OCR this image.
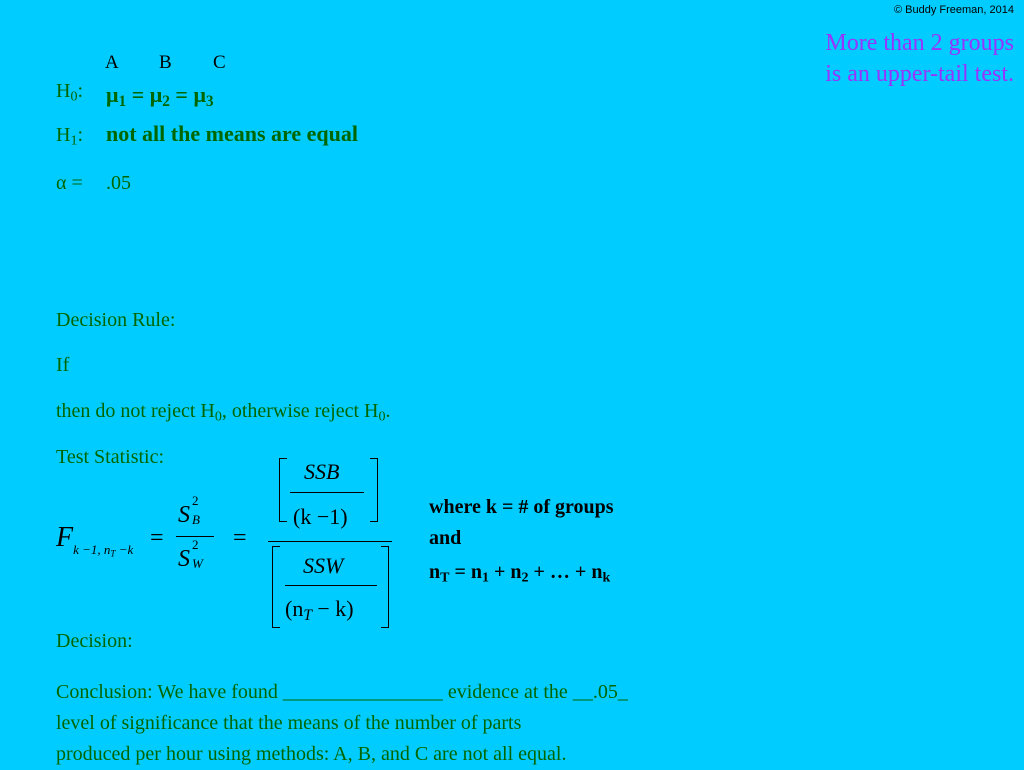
© Buddy Freeman, 2014
More than 2 groups
is an upper-tail test.
A B C
$H_0$: $\mu_1 = \mu_2 = \mu_3$
$H_1$: not all the means are equal
α = .05
Decision Rule:
If
then do not reject $H_0$, otherwise reject $H_0$.
Test Statistic:
$F_{k -1, n_T -k}$ =
S
2
B
S
2
W
=
SSB
(k −1)
SSW
$(n_T - k)$
where k = # of groups
and
$n_T = n_1 + n_2$ + … + $n_k$
Decision:
Conclusion: We have found ________________ evidence at the __.05_
level of significance that the means of the number of parts
produced per hour using methods: A, B, and C are not all equal.
